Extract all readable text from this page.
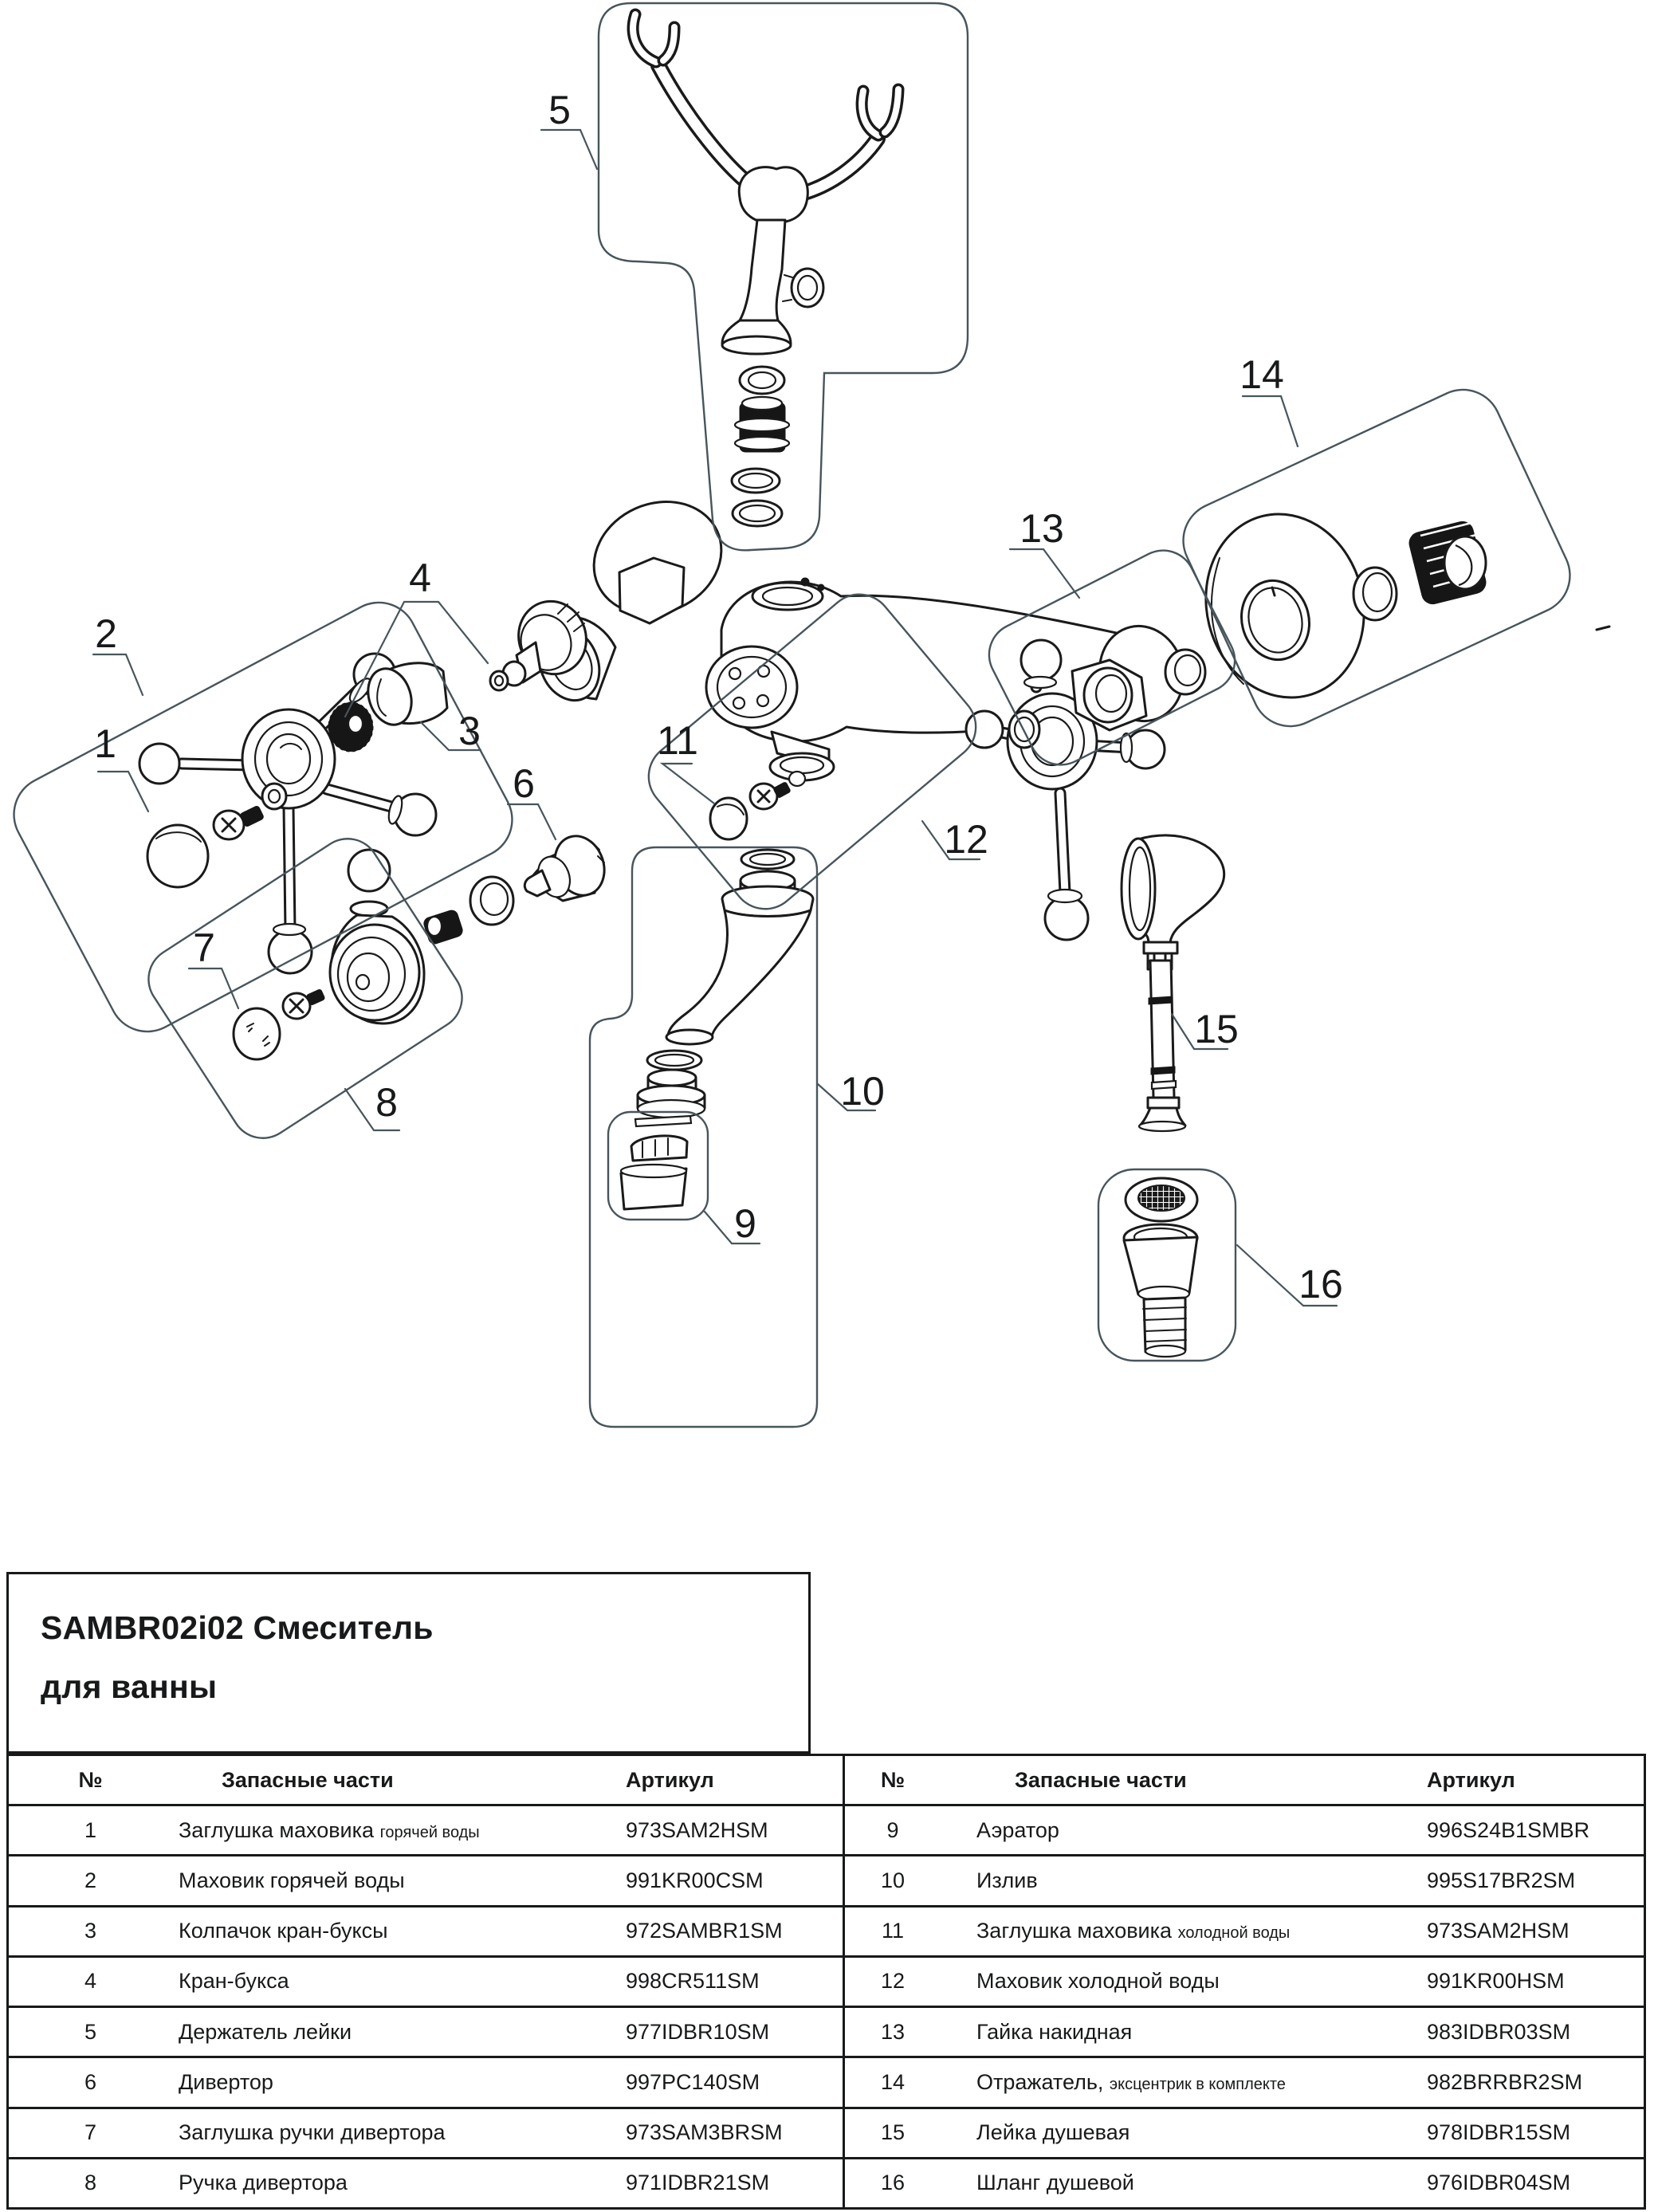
1
2
3
4
5
6
7
8
9
10
11
12
13
14
15
16
SAMBR02i02 Смеситель
для ванны
№	Запасные части	Артикул
1	Заглушка маховика горячей воды	973SAM2HSM
2	Маховик горячей воды	991KR00CSM
3	Колпачок кран-буксы	972SAMBR1SM
4	Кран-букса	998CR511SM
5	Держатель лейки	977IDBR10SM
6	Дивертор	997PC140SM
7	Заглушка ручки дивертора	973SAM3BRSM
8	Ручка дивертора	971IDBR21SM
№	Запасные части	Артикул
9	Аэратор	996S24B1SMBR
10	Излив	995S17BR2SM
11	Заглушка маховика холодной воды	973SAM2HSM
12	Маховик холодной воды	991KR00HSM
13	Гайка накидная	983IDBR03SM
14	Отражатель, эксцентрик в комплекте	982BRRBR2SM
15	Лейка душевая	978IDBR15SM
16	Шланг душевой	976IDBR04SM
